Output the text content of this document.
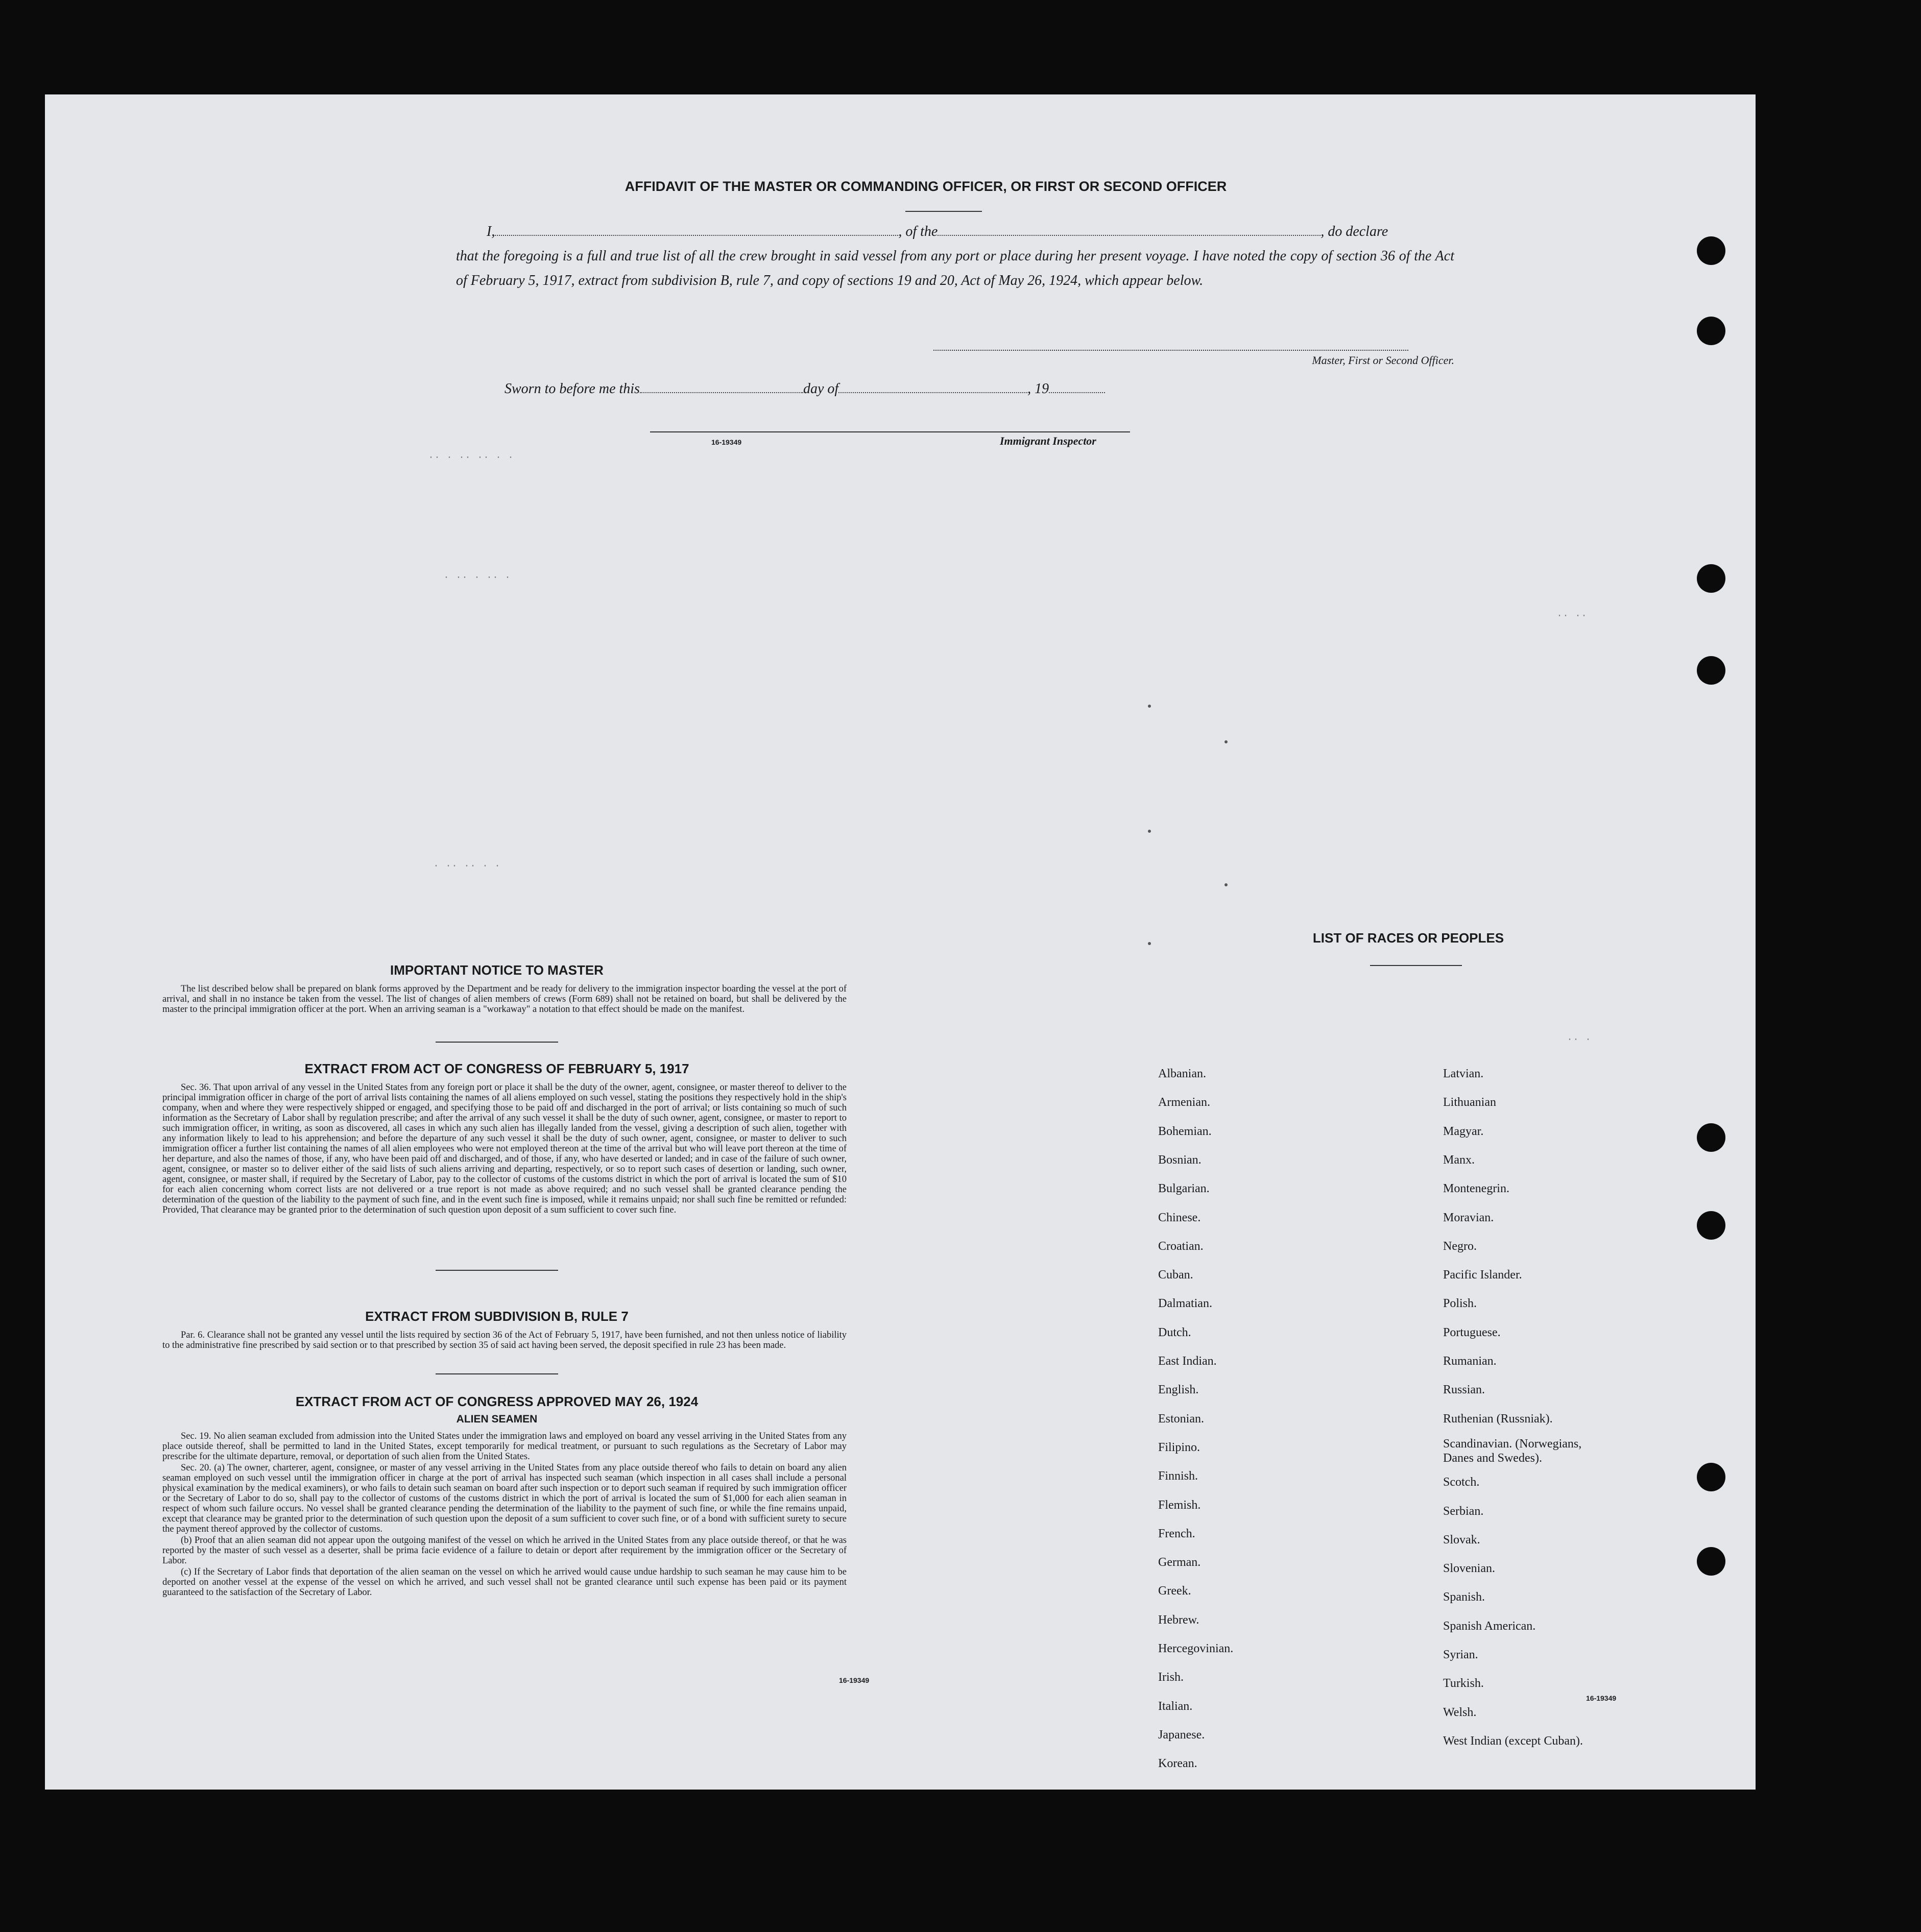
·· · ·· ·· · ·
· ·· · ·· ·
·· ··
· ·· ·· · ·
·· ·
AFFIDAVIT OF THE MASTER OR COMMANDING OFFICER, OR FIRST OR SECOND OFFICER
I,	, of the	, do declare
that the foregoing is a full and true list of all the crew brought in said vessel from any port or place during her present voyage. I have noted the copy of section 36 of the Act of February 5, 1917, extract from subdivision B, rule 7, and copy of sections 19 and 20, Act of May 26, 1924, which appear below.
Master, First or Second Officer.
Sworn to before me this	day of	, 19
16-19349	Immigrant Inspector
IMPORTANT NOTICE TO MASTER

The list described below shall be prepared on blank forms approved by the Department and be ready for delivery to the immigration inspector boarding the vessel at the port of arrival, and shall in no instance be taken from the vessel. The list of changes of alien members of crews (Form 689) shall not be retained on board, but shall be delivered by the master to the principal immigration officer at the port. When an arriving seaman is a "workaway" a notation to that effect should be made on the manifest.

EXTRACT FROM ACT OF CONGRESS OF FEBRUARY 5, 1917

Sec. 36. That upon arrival of any vessel in the United States from any foreign port or place it shall be the duty of the owner, agent, consignee, or master thereof to deliver to the principal immigration officer in charge of the port of arrival lists containing the names of all aliens employed on such vessel, stating the positions they respectively hold in the ship's company, when and where they were respectively shipped or engaged, and specifying those to be paid off and discharged in the port of arrival; or lists containing so much of such information as the Secretary of Labor shall by regulation prescribe; and after the arrival of any such vessel it shall be the duty of such owner, agent, consignee, or master to report to such immigration officer, in writing, as soon as discovered, all cases in which any such alien has illegally landed from the vessel, giving a description of such alien, together with any information likely to lead to his apprehension; and before the departure of any such vessel it shall be the duty of such owner, agent, consignee, or master to deliver to such immigration officer a further list containing the names of all alien employees who were not employed thereon at the time of the arrival but who will leave port thereon at the time of her departure, and also the names of those, if any, who have been paid off and discharged, and of those, if any, who have deserted or landed; and in case of the failure of such owner, agent, consignee, or master so to deliver either of the said lists of such aliens arriving and departing, respectively, or so to report such cases of desertion or landing, such owner, agent, consignee, or master shall, if required by the Secretary of Labor, pay to the collector of customs of the customs district in which the port of arrival is located the sum of $10 for each alien concerning whom correct lists are not delivered or a true report is not made as above required; and no such vessel shall be granted clearance pending the determination of the question of the liability to the payment of such fine, and in the event such fine is imposed, while it remains unpaid; nor shall such fine be remitted or refunded: Provided, That clearance may be granted prior to the determination of such question upon deposit of a sum sufficient to cover such fine.

EXTRACT FROM SUBDIVISION B, RULE 7

Par. 6. Clearance shall not be granted any vessel until the lists required by section 36 of the Act of February 5, 1917, have been furnished, and not then unless notice of liability to the administrative fine prescribed by said section or to that prescribed by section 35 of said act having been served, the deposit specified in rule 23 has been made.

EXTRACT FROM ACT OF CONGRESS APPROVED MAY 26, 1924
ALIEN SEAMEN

Sec. 19. No alien seaman excluded from admission into the United States under the immigration laws and employed on board any vessel arriving in the United States from any place outside thereof, shall be permitted to land in the United States, except temporarily for medical treatment, or pursuant to such regulations as the Secretary of Labor may prescribe for the ultimate departure, removal, or deportation of such alien from the United States.

Sec. 20. (a) The owner, charterer, agent, consignee, or master of any vessel arriving in the United States from any place outside thereof who fails to detain on board any alien seaman employed on such vessel until the immigration officer in charge at the port of arrival has inspected such seaman (which inspection in all cases shall include a personal physical examination by the medical examiners), or who fails to detain such seaman on board after such inspection or to deport such seaman if required by such immigration officer or the Secretary of Labor to do so, shall pay to the collector of customs of the customs district in which the port of arrival is located the sum of $1,000 for each alien seaman in respect of whom such failure occurs. No vessel shall be granted clearance pending the determination of the liability to the payment of such fine, or while the fine remains unpaid, except that clearance may be granted prior to the determination of such question upon the deposit of a sum sufficient to cover such fine, or of a bond with sufficient surety to secure the payment thereof approved by the collector of customs.

(b) Proof that an alien seaman did not appear upon the outgoing manifest of the vessel on which he arrived in the United States from any place outside thereof, or that he was reported by the master of such vessel as a deserter, shall be prima facie evidence of a failure to detain or deport after requirement by the immigration officer or the Secretary of Labor.

(c) If the Secretary of Labor finds that deportation of the alien seaman on the vessel on which he arrived would cause undue hardship to such seaman he may cause him to be deported on another vessel at the expense of the vessel on which he arrived, and such vessel shall not be granted clearance until such expense has been paid or its payment guaranteed to the satisfaction of the Secretary of Labor.

16-19349
LIST OF RACES OR PEOPLES
Albanian.
Armenian.
Bohemian.
Bosnian.
Bulgarian.
Chinese.
Croatian.
Cuban.
Dalmatian.
Dutch.
East Indian.
English.
Estonian.
Filipino.
Finnish.
Flemish.
French.
German.
Greek.
Hebrew.
Hercegovinian.
Irish.
Italian.
Japanese.
Korean.
Latvian.
Lithuanian
Magyar.
Manx.
Montenegrin.
Moravian.
Negro.
Pacific Islander.
Polish.
Portuguese.
Rumanian.
Russian.
Ruthenian (Russniak).
Scandinavian. (Norwegians, Danes and Swedes).
Scotch.
Serbian.
Slovak.
Slovenian.
Spanish.
Spanish American.
Syrian.
Turkish.
Welsh.
West Indian (except Cuban).
16-19349
